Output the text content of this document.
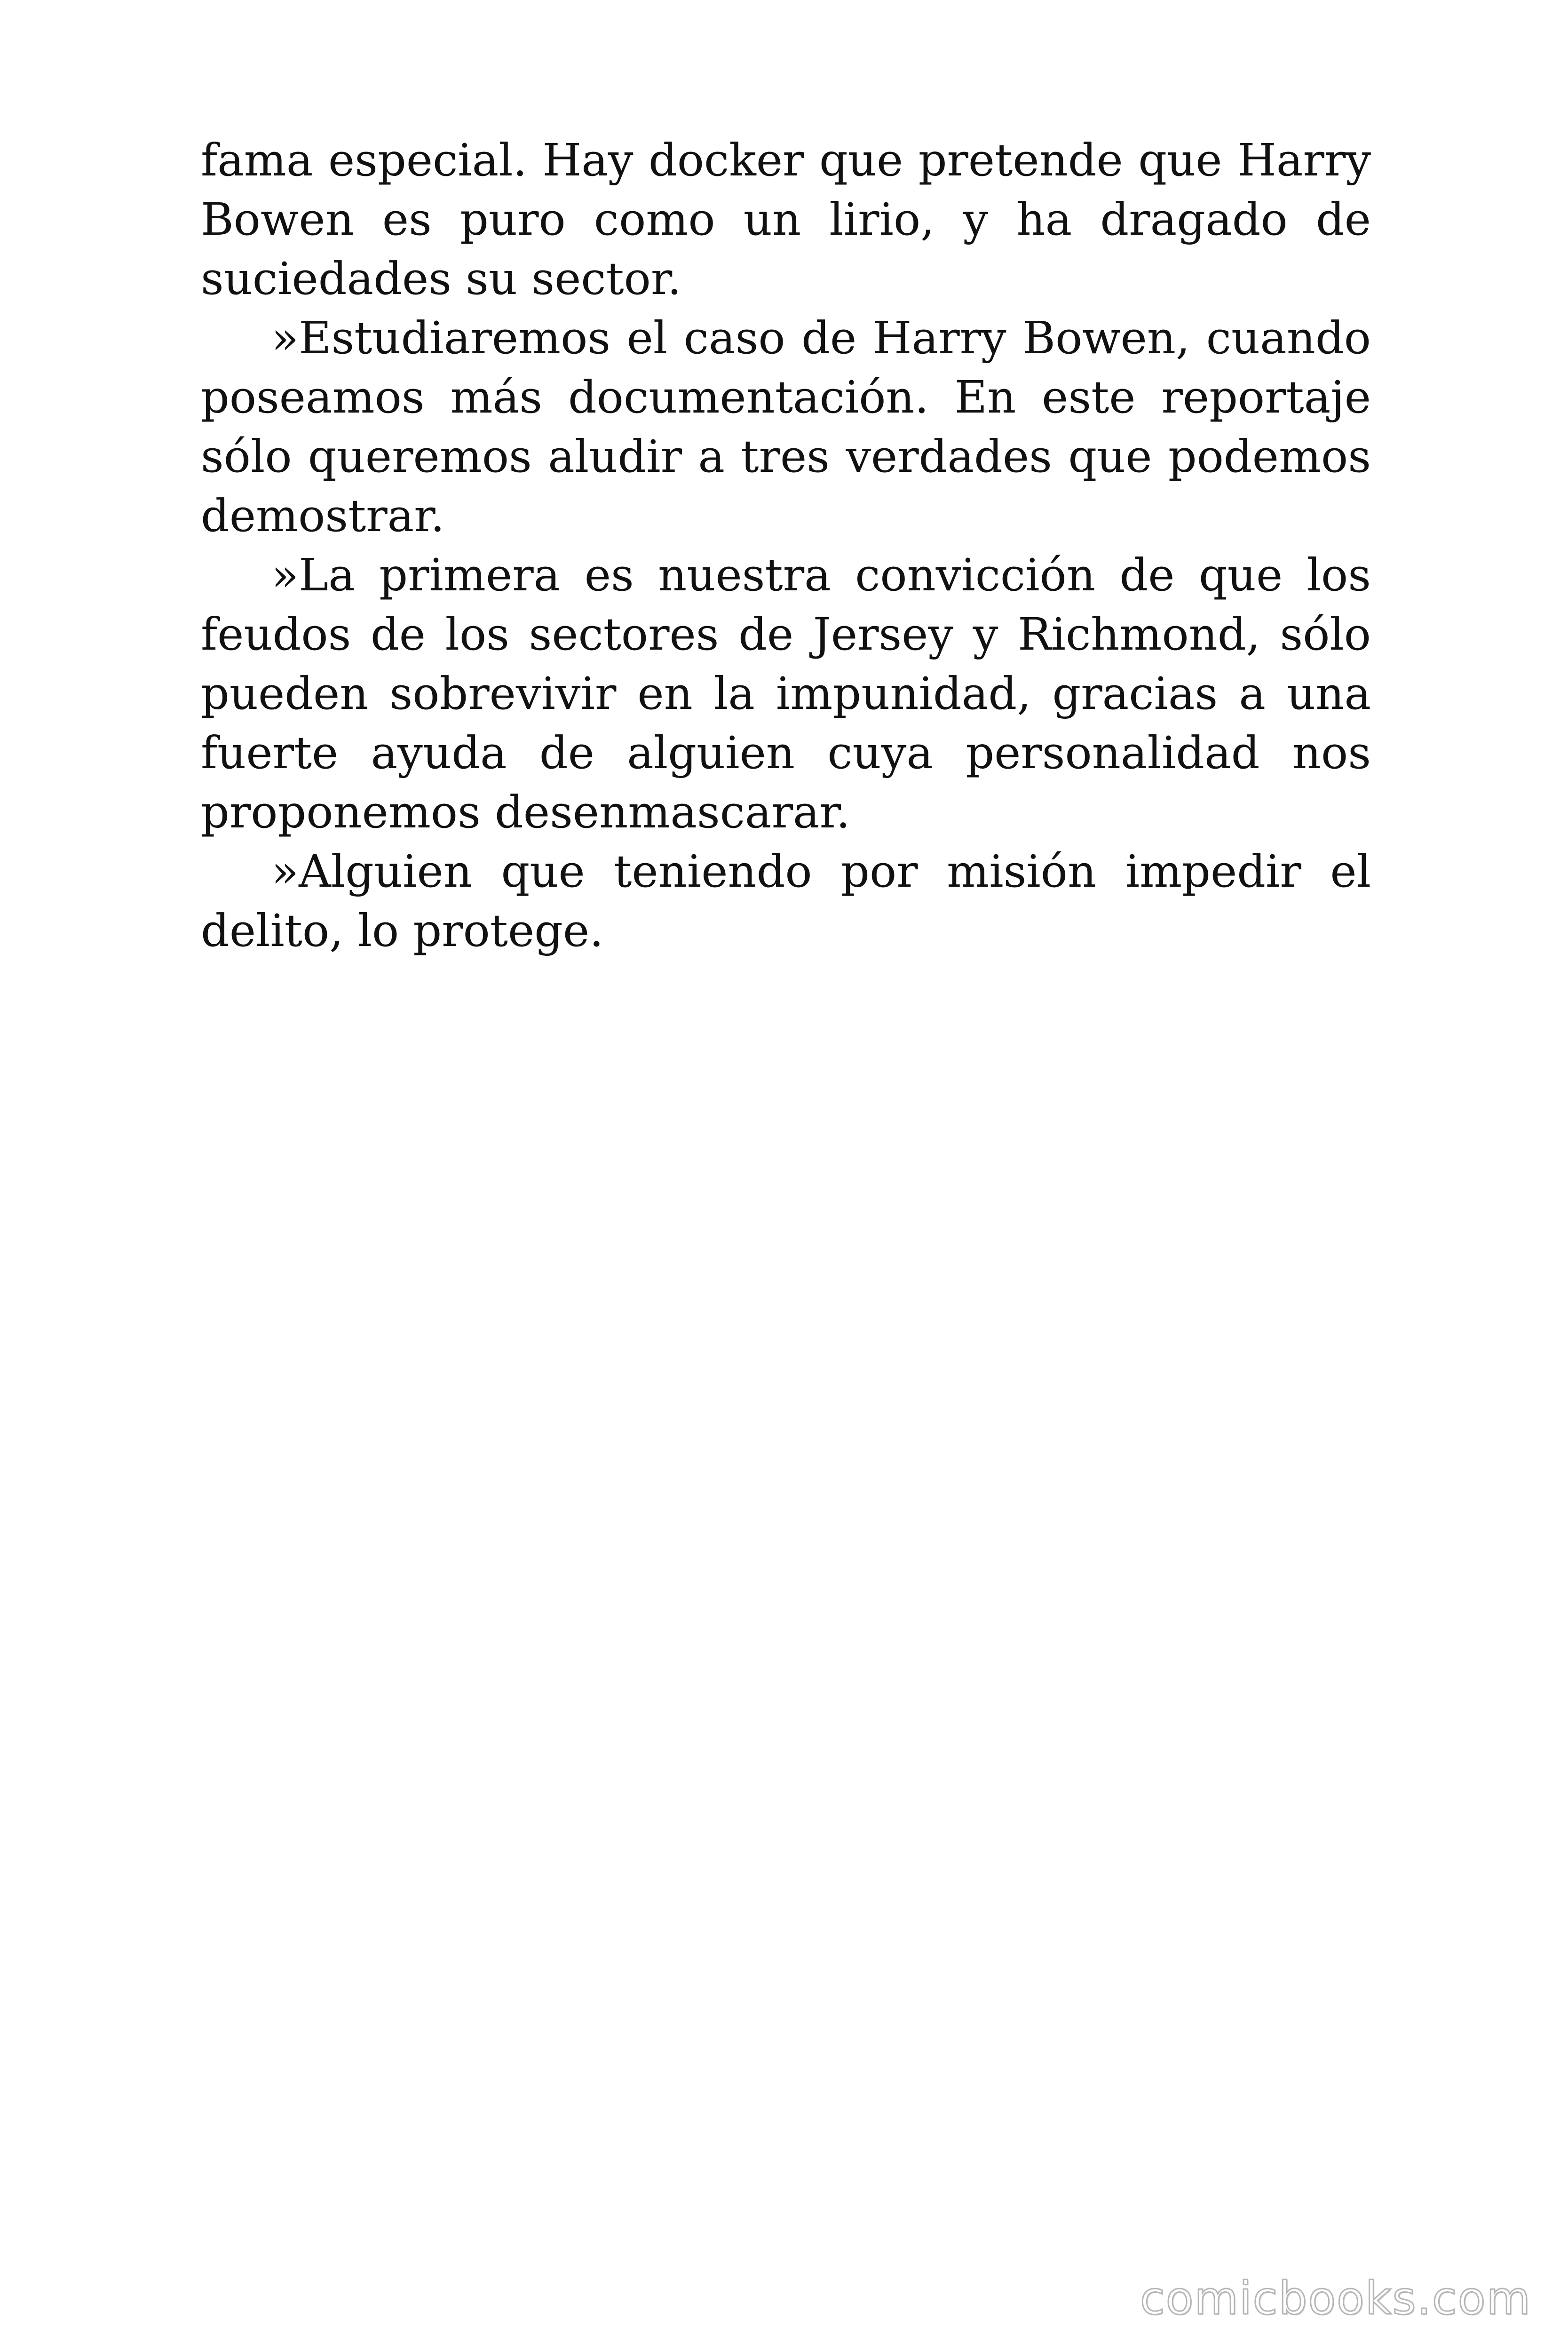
fama especial. Hay docker que pretende que Harry Bowen es puro como un lirio, y ha dragado de suciedades su sector.

»Estudiaremos el caso de Harry Bowen, cuando poseamos más documentación. En este reportaje sólo queremos aludir a tres verdades que podemos demostrar.

»La primera es nuestra convicción de que los feudos de los sectores de Jersey y Richmond, sólo pueden sobrevivir en la impunidad, gracias a una fuerte ayuda de alguien cuya personalidad nos proponemos desenmascarar.

»Alguien que teniendo por misión impedir el delito, lo protege.

comicbooks.com
